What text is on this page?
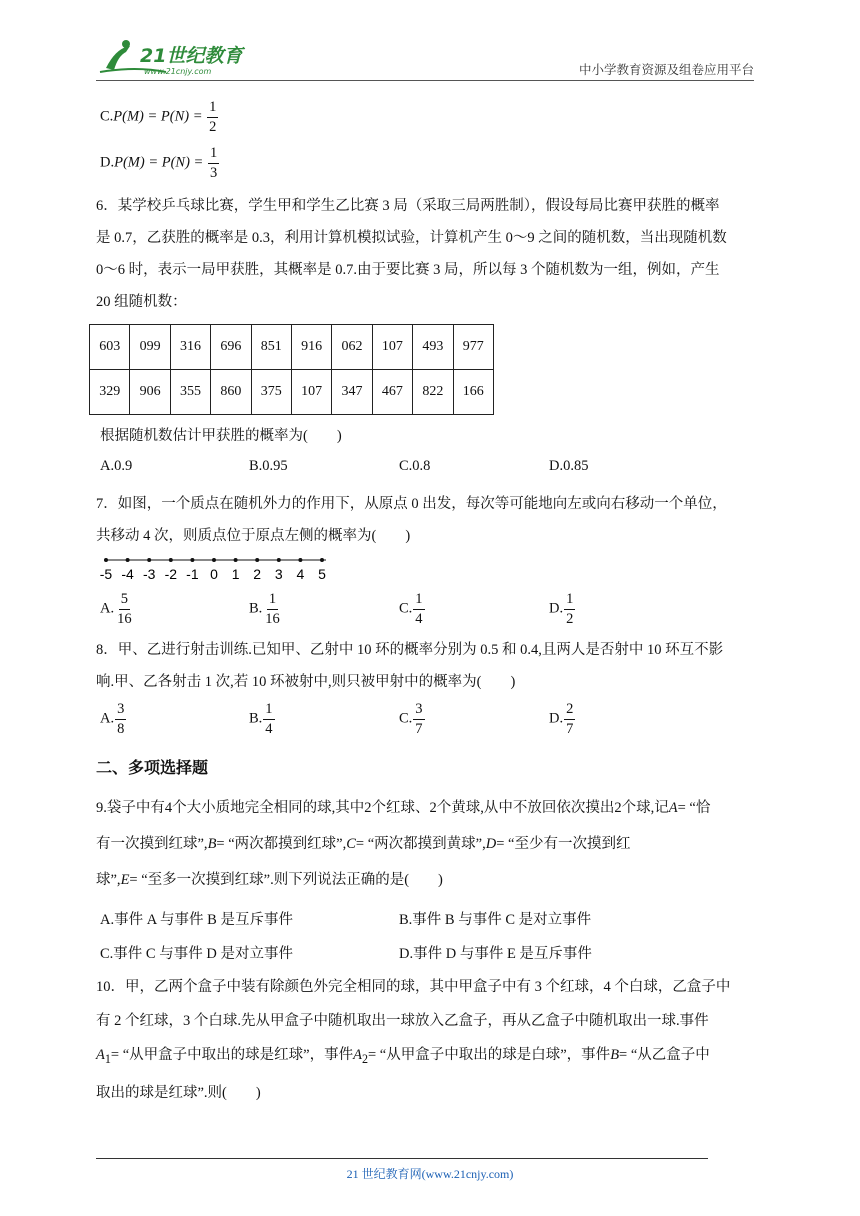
21世纪教育
www.21cnjy.com	中小学教育资源及组卷应用平台
$C.P(M) = P(N) = \frac{1}{2}$
$D.P(M) = P(N) = \frac{1}{3}$
6．某学校乒乓球比赛，学生甲和学生乙比赛 3 局（采取三局两胜制），假设每局比赛甲获胜的概率
是 0.7，乙获胜的概率是 0.3，利用计算机模拟试验，计算机产生 0～9 之间的随机数，当出现随机数
0～6 时，表示一局甲获胜，其概率是 0.7.由于要比赛 3 局，所以每 3 个随机数为一组，例如，产生
20 组随机数：
603	099	316	696	851	916	062	107	493	977
329	906	355	860	375	107	347	467	822	166
根据随机数估计甲获胜的概率为(　　)
A.0.9	B.0.95	C.0.8	D.0.85
7．如图，一个质点在随机外力的作用下，从原点 0 出发，每次等可能地向左或向右移动一个单位，
共移动 4 次，则质点位于原点左侧的概率为(　　)
-5 -4 -3 -2 -1 0 1 2 3 4 5
A. $\frac{5}{16}$	B. $\frac{1}{16}$	C. $\frac{1}{4}$	D. $\frac{1}{2}$
8．甲、乙进行射击训练.已知甲、乙射中 10 环的概率分别为 0.5 和 0.4,且两人是否射中 10 环互不影
响.甲、乙各射击 1 次,若 10 环被射中,则只被甲射中的概率为(　　)
A. $\frac{3}{8}$	B. $\frac{1}{4}$	C. $\frac{3}{7}$	D. $\frac{2}{7}$
二、多项选择题
9.袋子中有4个大小质地完全相同的球,其中2个红球、2个黄球,从中不放回依次摸出2个球,记A= “恰
有一次摸到红球”,B= “两次都摸到红球”,C= “两次都摸到黄球”,D= “至少有一次摸到红
球”,E= “至多一次摸到红球”.则下列说法正确的是(　　)
A.事件 A 与事件 B 是互斥事件	B.事件 B 与事件 C 是对立事件
C.事件 C 与事件 D 是对立事件	D.事件 D 与事件 E 是互斥事件
10．甲，乙两个盒子中装有除颜色外完全相同的球，其中甲盒子中有 3 个红球，4 个白球，乙盒子中
有 2 个红球，3 个白球.先从甲盒子中随机取出一球放入乙盒子，再从乙盒子中随机取出一球.事件
$A_1=$ “从甲盒子中取出的球是红球”，事件$A_2=$ “从甲盒子中取出的球是白球”，事件B= “从乙盒子中
取出的球是红球”.则(　　)
21 世纪教育网(www.21cnjy.com)
